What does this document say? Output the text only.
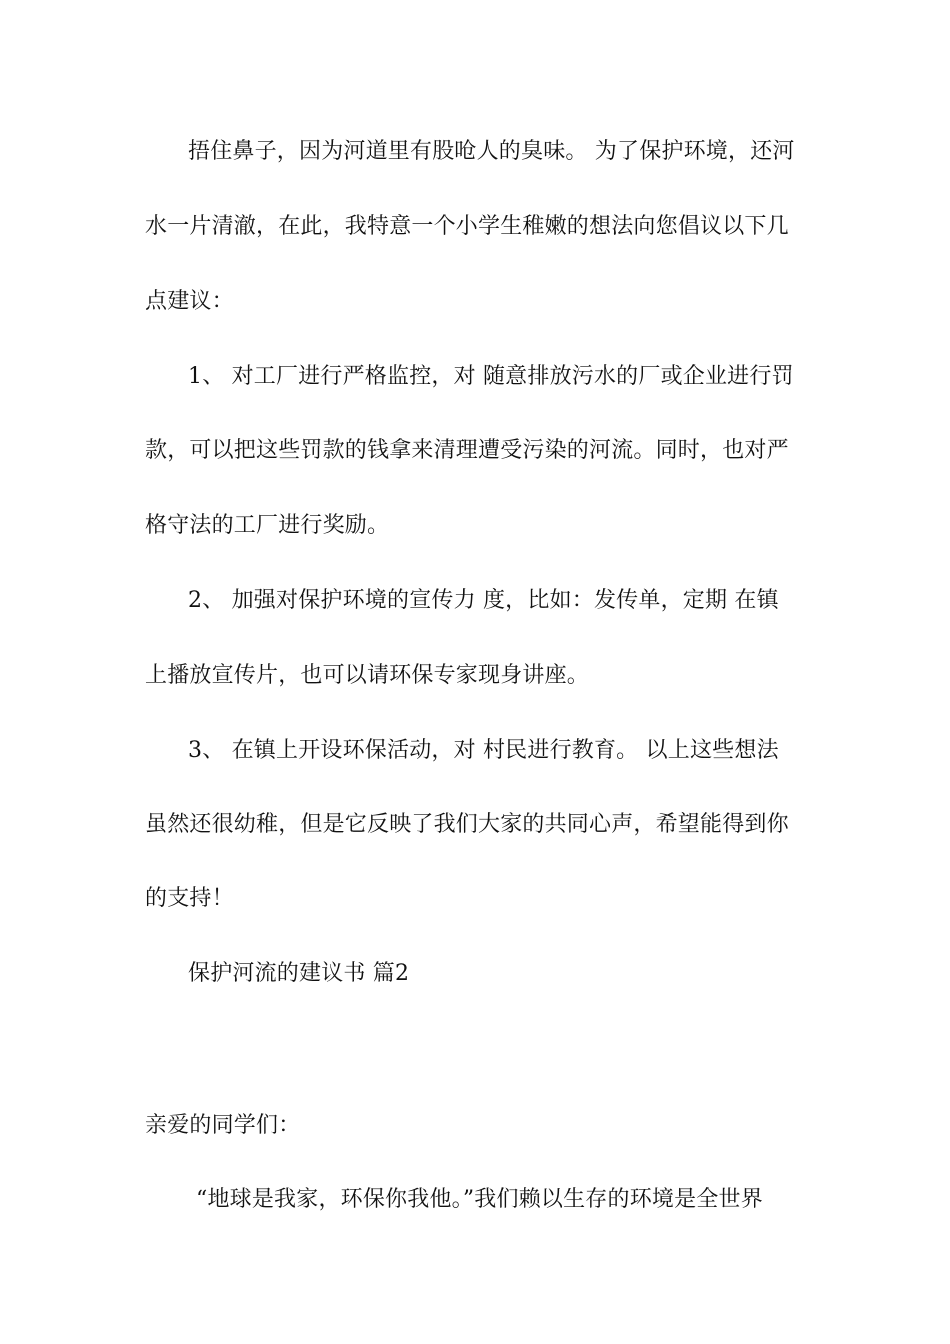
捂住鼻子，因为河道里有股呛人的臭味。 为了保护环境，还河
水一片清澈，在此，我特意一个小学生稚嫩的想法向您倡议以下几
点建议：
1、 对工厂进行严格监控，对 随意排放污水的厂或企业进行罚
款，可以把这些罚款的钱拿来清理遭受污染的河流。同时，也对严
格守法的工厂进行奖励。
2、 加强对保护环境的宣传力 度，比如：发传单，定期 在镇
上播放宣传片，也可以请环保专家现身讲座。
3、 在镇上开设环保活动，对 村民进行教育。 以上这些想法
虽然还很幼稚，但是它反映了我们大家的共同心声，希望能得到你
的支持！
保护河流的建议书 篇2
亲爱的同学们：
“地球是我家，环保你我他。”我们赖以生存的环境是全世界
